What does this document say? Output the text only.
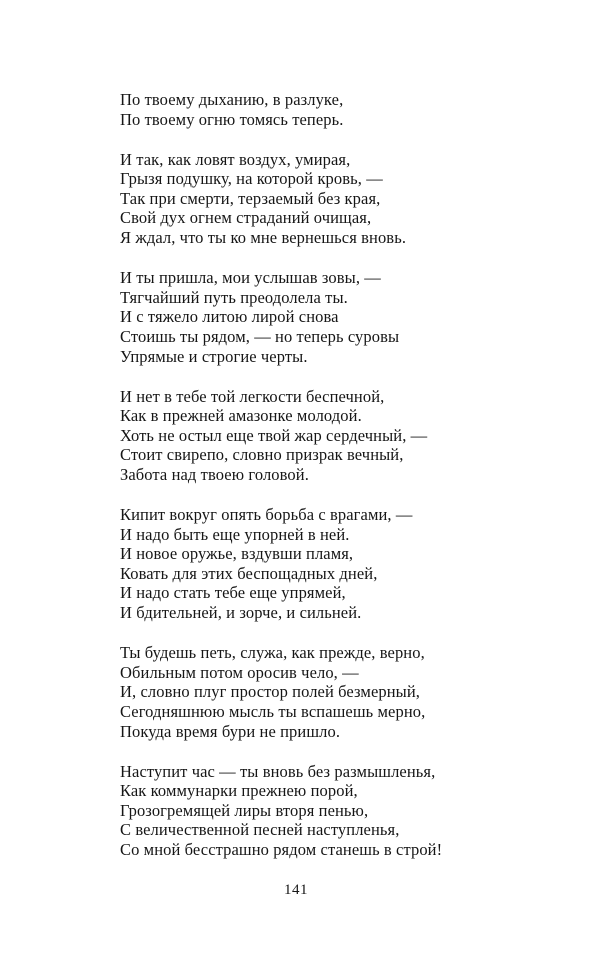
По твоему дыханию, в разлуке,
По твоему огню томясь теперь.
И так, как ловят воздух, умирая,
Грызя подушку, на которой кровь, —
Так при смерти, терзаемый без края,
Свой дух огнем страданий очищая,
Я ждал, что ты ко мне вернешься вновь.
И ты пришла, мои услышав зовы, —
Тягчайший путь преодолела ты.
И с тяжело литою лирой снова
Стоишь ты рядом, — но теперь суровы
Упрямые и строгие черты.
И нет в тебе той легкости беспечной,
Как в прежней амазонке молодой.
Хоть не остыл еще твой жар сердечный, —
Стоит свирепо, словно призрак вечный,
Забота над твоею головой.
Кипит вокруг опять борьба с врагами, —
И надо быть еще упорней в ней.
И новое оружье, вздувши пламя,
Ковать для этих беспощадных дней,
И надо стать тебе еще упрямей,
И бдительней, и зорче, и сильней.
Ты будешь петь, служа, как прежде, верно,
Обильным потом оросив чело, —
И, словно плуг простор полей безмерный,
Сегодняшнюю мысль ты вспашешь мерно,
Покуда время бури не пришло.
Наступит час — ты вновь без размышленья,
Как коммунарки прежнею порой,
Грозогремящей лиры вторя пенью,
С величественной песней наступленья,
Со мной бесстрашно рядом станешь в строй!
141
